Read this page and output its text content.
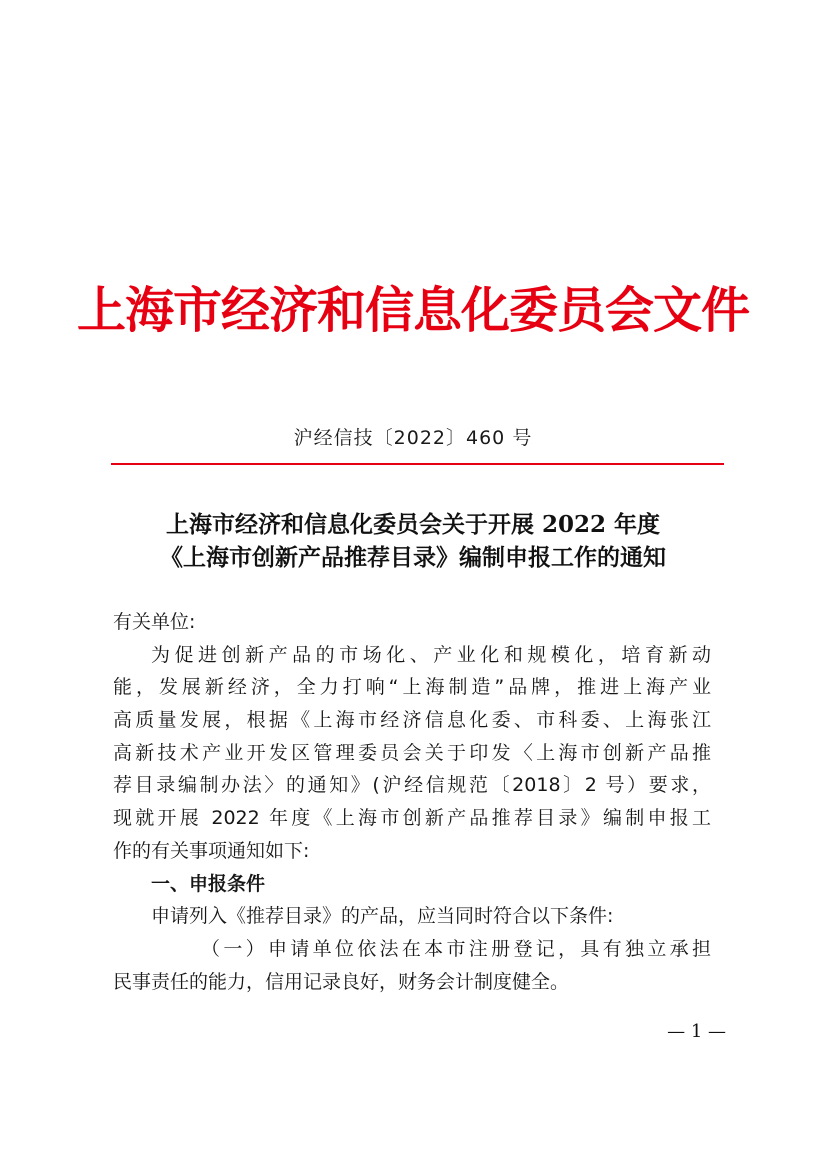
上海市经济和信息化委员会文件
沪经信技〔2022〕460 号
上海市经济和信息化委员会关于开展 2022 年度
《上海市创新产品推荐目录》编制申报工作的通知
有关单位:
为促进创新产品的市场化、产业化和规模化，培育新动
能，发展新经济，全力打响“上海制造”品牌，推进上海产业
高质量发展，根据《上海市经济信息化委、市科委、上海张江
高新技术产业开发区管理委员会关于印发〈上海市创新产品推
荐目录编制办法〉的通知》(沪经信规范〔2018〕2 号）要求，
现就开展 2022 年度《上海市创新产品推荐目录》编制申报工
作的有关事项通知如下:
一、申报条件
申请列入《推荐目录》的产品，应当同时符合以下条件:
（一）申请单位依法在本市注册登记，具有独立承担
民事责任的能力，信用记录良好，财务会计制度健全。
— 1 —
